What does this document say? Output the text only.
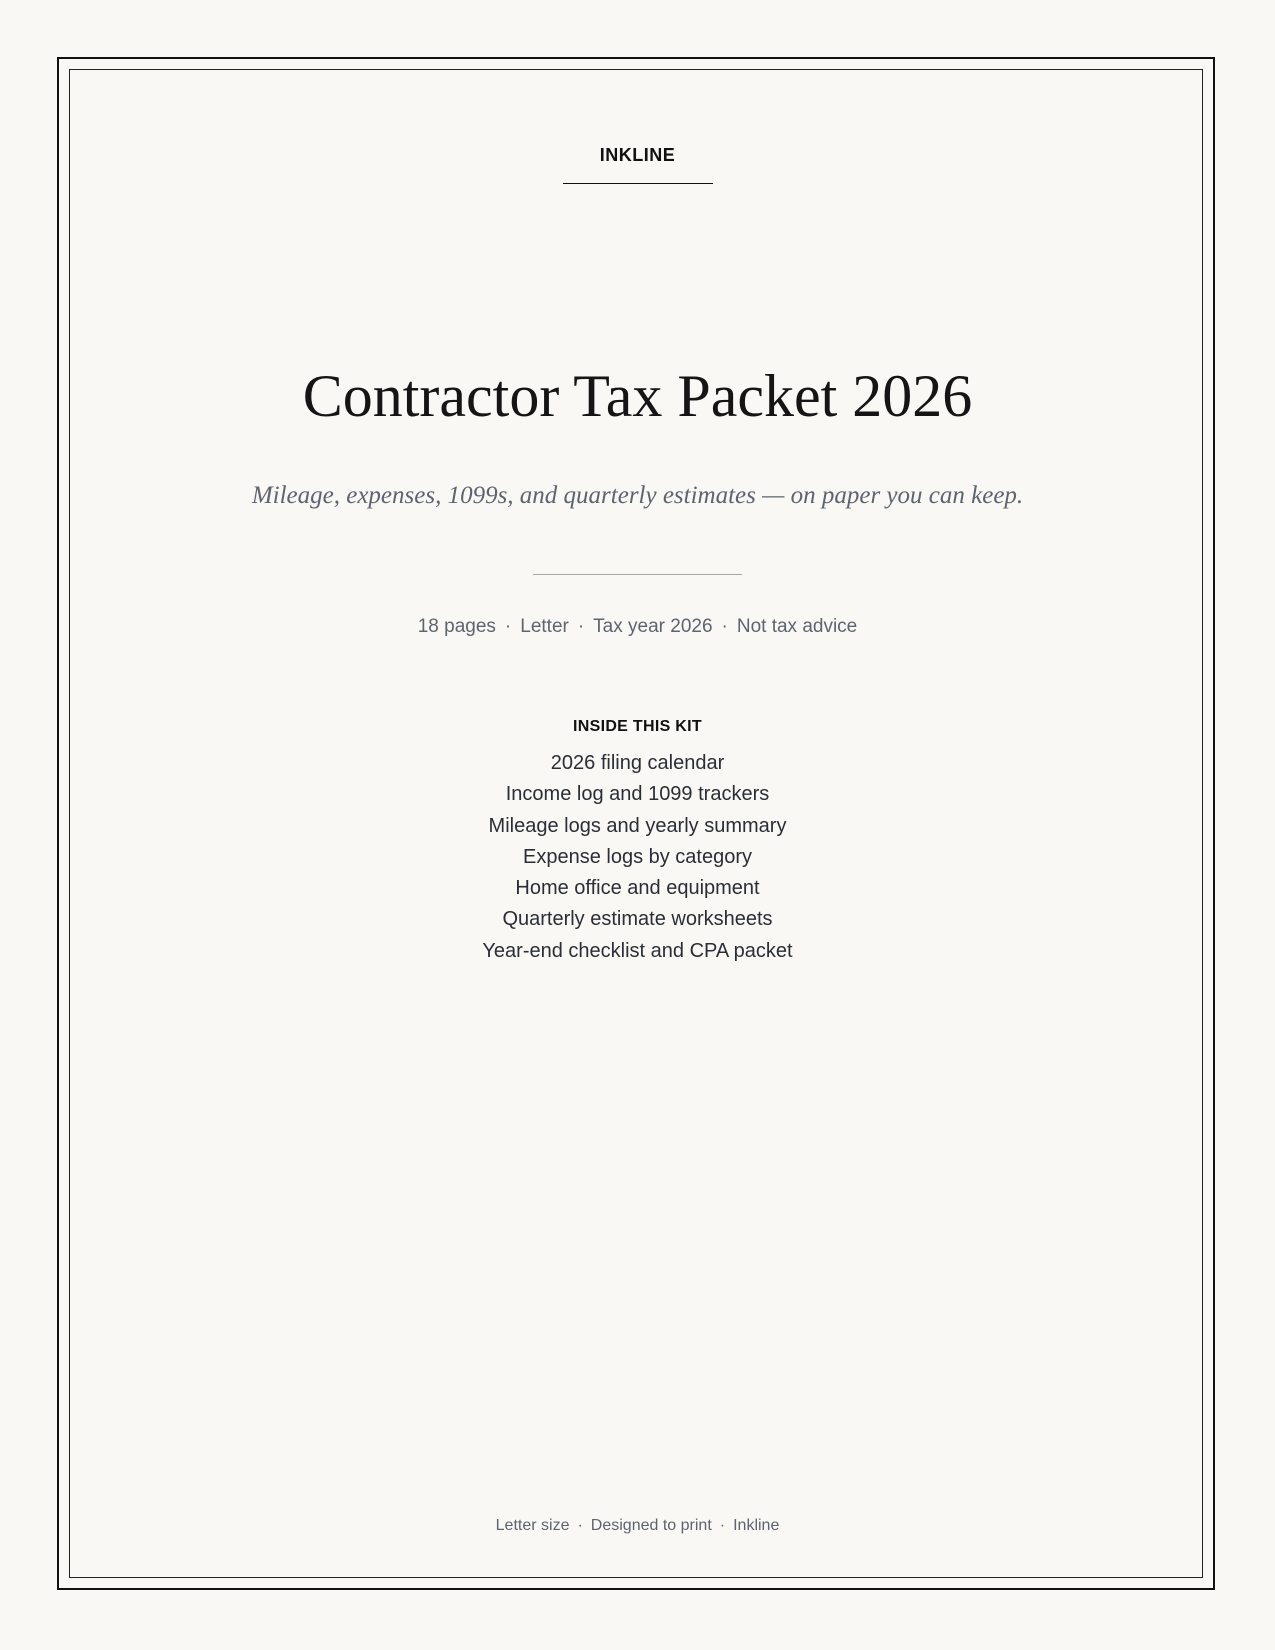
INKLINE
Contractor Tax Packet 2026
Mileage, expenses, 1099s, and quarterly estimates — on paper you can keep.
18 pages · Letter · Tax year 2026 · Not tax advice
INSIDE THIS KIT
2026 filing calendar
Income log and 1099 trackers
Mileage logs and yearly summary
Expense logs by category
Home office and equipment
Quarterly estimate worksheets
Year-end checklist and CPA packet
Letter size · Designed to print · Inkline
